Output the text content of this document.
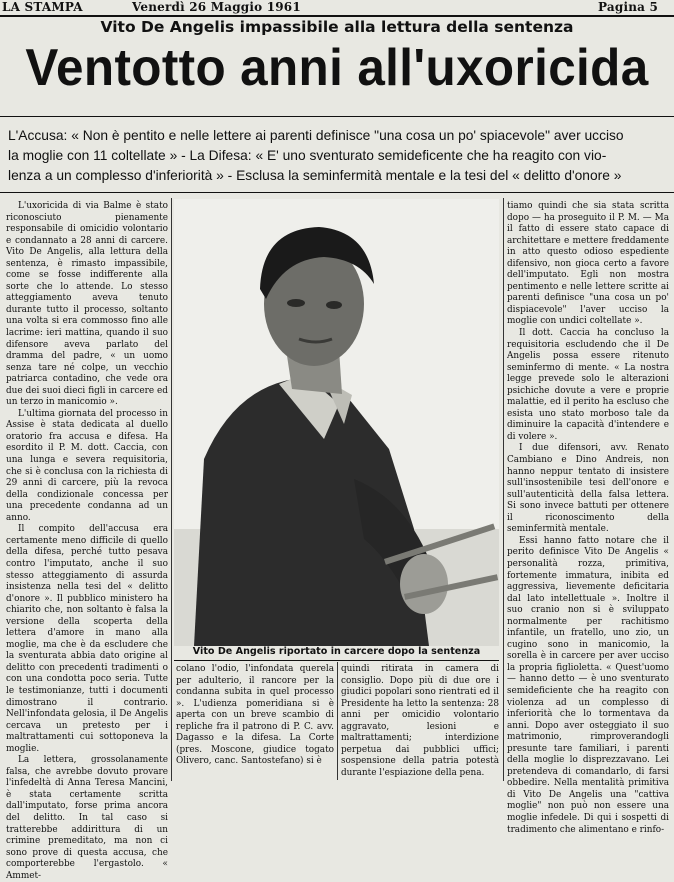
LA STAMPA	Venerdì 26 Maggio 1961	Pagina 5
Vito De Angelis impassibile alla lettura della sentenza
Ventotto anni all'uxoricida
L'Accusa: « Non è pentito e nelle lettere ai parenti definisce "una cosa un po' spiacevole" aver ucciso
la moglie con 11 coltellate » - La Difesa: « E' uno sventurato semideficente che ha reagito con vio-
lenza a un complesso d'inferiorità » - Esclusa la seminfermità mentale e la tesi del « delitto d'onore »

L'uxoricida di via Balme è stato riconosciuto pienamente responsabile di omicidio volontario e condannato a 28 anni di carcere. Vito De Angelis, alla lettura della sentenza, è rimasto impassibile, come se fosse indifferente alla sorte che lo attende. Lo stesso atteggiamento aveva tenuto durante tutto il processo, soltanto una volta si era commosso fino alle lacrime: ieri mattina, quando il suo difensore aveva parlato del dramma del padre, « un uomo senza tare né colpe, un vecchio patriarca contadino, che vede ora due dei suoi dieci figli in carcere ed un terzo in manicomio ».

L'ultima giornata del processo in Assise è stata dedicata al duello oratorio fra accusa e difesa. Ha esordito il P. M. dott. Caccia, con una lunga e severa requisitoria, che si è conclusa con la richiesta di 29 anni di carcere, più la revoca della condizionale concessa per una precedente condanna ad un anno.

Il compito dell'accusa era certamente meno difficile di quello della difesa, perché tutto pesava contro l'imputato, anche il suo stesso atteggiamento di assurda insistenza nella tesi del « delitto d'onore ». Il pubblico ministero ha chiarito che, non soltanto è falsa la versione della scoperta della lettera d'amore in mano alla moglie, ma che è da escludere che la sventurata abbia dato origine al delitto con precedenti tradimenti o con una condotta poco seria. Tutte le testimonianze, tutti i documenti dimostrano il contrario. Nell'infondata gelosia, il De Angelis cercava un pretesto per i maltrattamenti cui sottoponeva la moglie.

La lettera, grossolanamente falsa, che avrebbe dovuto provare l'infedeltà di Anna Teresa Mancini, è stata certamente scritta dall'imputato, forse prima ancora del delitto. In tal caso si tratterebbe addirittura di un crimine premeditato, ma non ci sono prove di questa accusa, che comporterebbe l'ergastolo. « Ammet-

Vito De Angelis riportato in carcere dopo la sentenza

colano l'odio, l'infondata querela per adulterio, il rancore per la condanna subita in quel processo ». L'udienza pomeridiana si è aperta con un breve scambio di repliche fra il patrono di P. C. avv. Dagasso e la difesa. La Corte (pres. Moscone, giudice togato Olivero, canc. Santostefano) si è

quindi ritirata in camera di consiglio. Dopo più di due ore i giudici popolari sono rientrati ed il Presidente ha letto la sentenza: 28 anni per omicidio volontario aggravato, lesioni e maltrattamenti; interdizione perpetua dai pubblici uffici; sospensione della patria potestà durante l'espiazione della pena.

tiamo quindi che sia stata scritta dopo — ha proseguito il P. M. — Ma il fatto di essere stato capace di architettare e mettere freddamente in atto questo odioso espediente difensivo, non gioca certo a favore dell'imputato. Egli non mostra pentimento e nelle lettere scritte ai parenti definisce "una cosa un po' dispiacevole" l'aver ucciso la moglie con undici coltellate ».

Il dott. Caccia ha concluso la requisitoria escludendo che il De Angelis possa essere ritenuto seminfermo di mente. « La nostra legge prevede solo le alterazioni psichiche dovute a vere e proprie malattie, ed il perito ha escluso che esista uno stato morboso tale da diminuire la capacità d'intendere e di volere ».

I due difensori, avv. Renato Cambiano e Dino Andreis, non hanno neppur tentato di insistere sull'insostenibile tesi dell'onore e sull'autenticità della falsa lettera. Si sono invece battuti per ottenere il riconoscimento della seminfermità mentale.

Essi hanno fatto notare che il perito definisce Vito De Angelis « personalità rozza, primitiva, fortemente immatura, inibita ed aggressiva, lievemente deficitaria dal lato intellettuale ». Inoltre il suo cranio non si è sviluppato normalmente per rachitismo infantile, un fratello, uno zio, un cugino sono in manicomio, la sorella è in carcere per aver ucciso la propria figlioletta. « Quest'uomo — hanno detto — è uno sventurato semideficiente che ha reagito con violenza ad un complesso di inferiorità che lo tormentava da anni. Dopo aver osteggiato il suo matrimonio, rimproverandogli presunte tare familiari, i parenti della moglie lo disprezzavano. Lei pretendeva di comandarlo, di farsi obbedire. Nella mentalità primitiva di Vito De Angelis una "cattiva moglie" non può non essere una moglie infedele. Di qui i sospetti di tradimento che alimentano e rinfo-
